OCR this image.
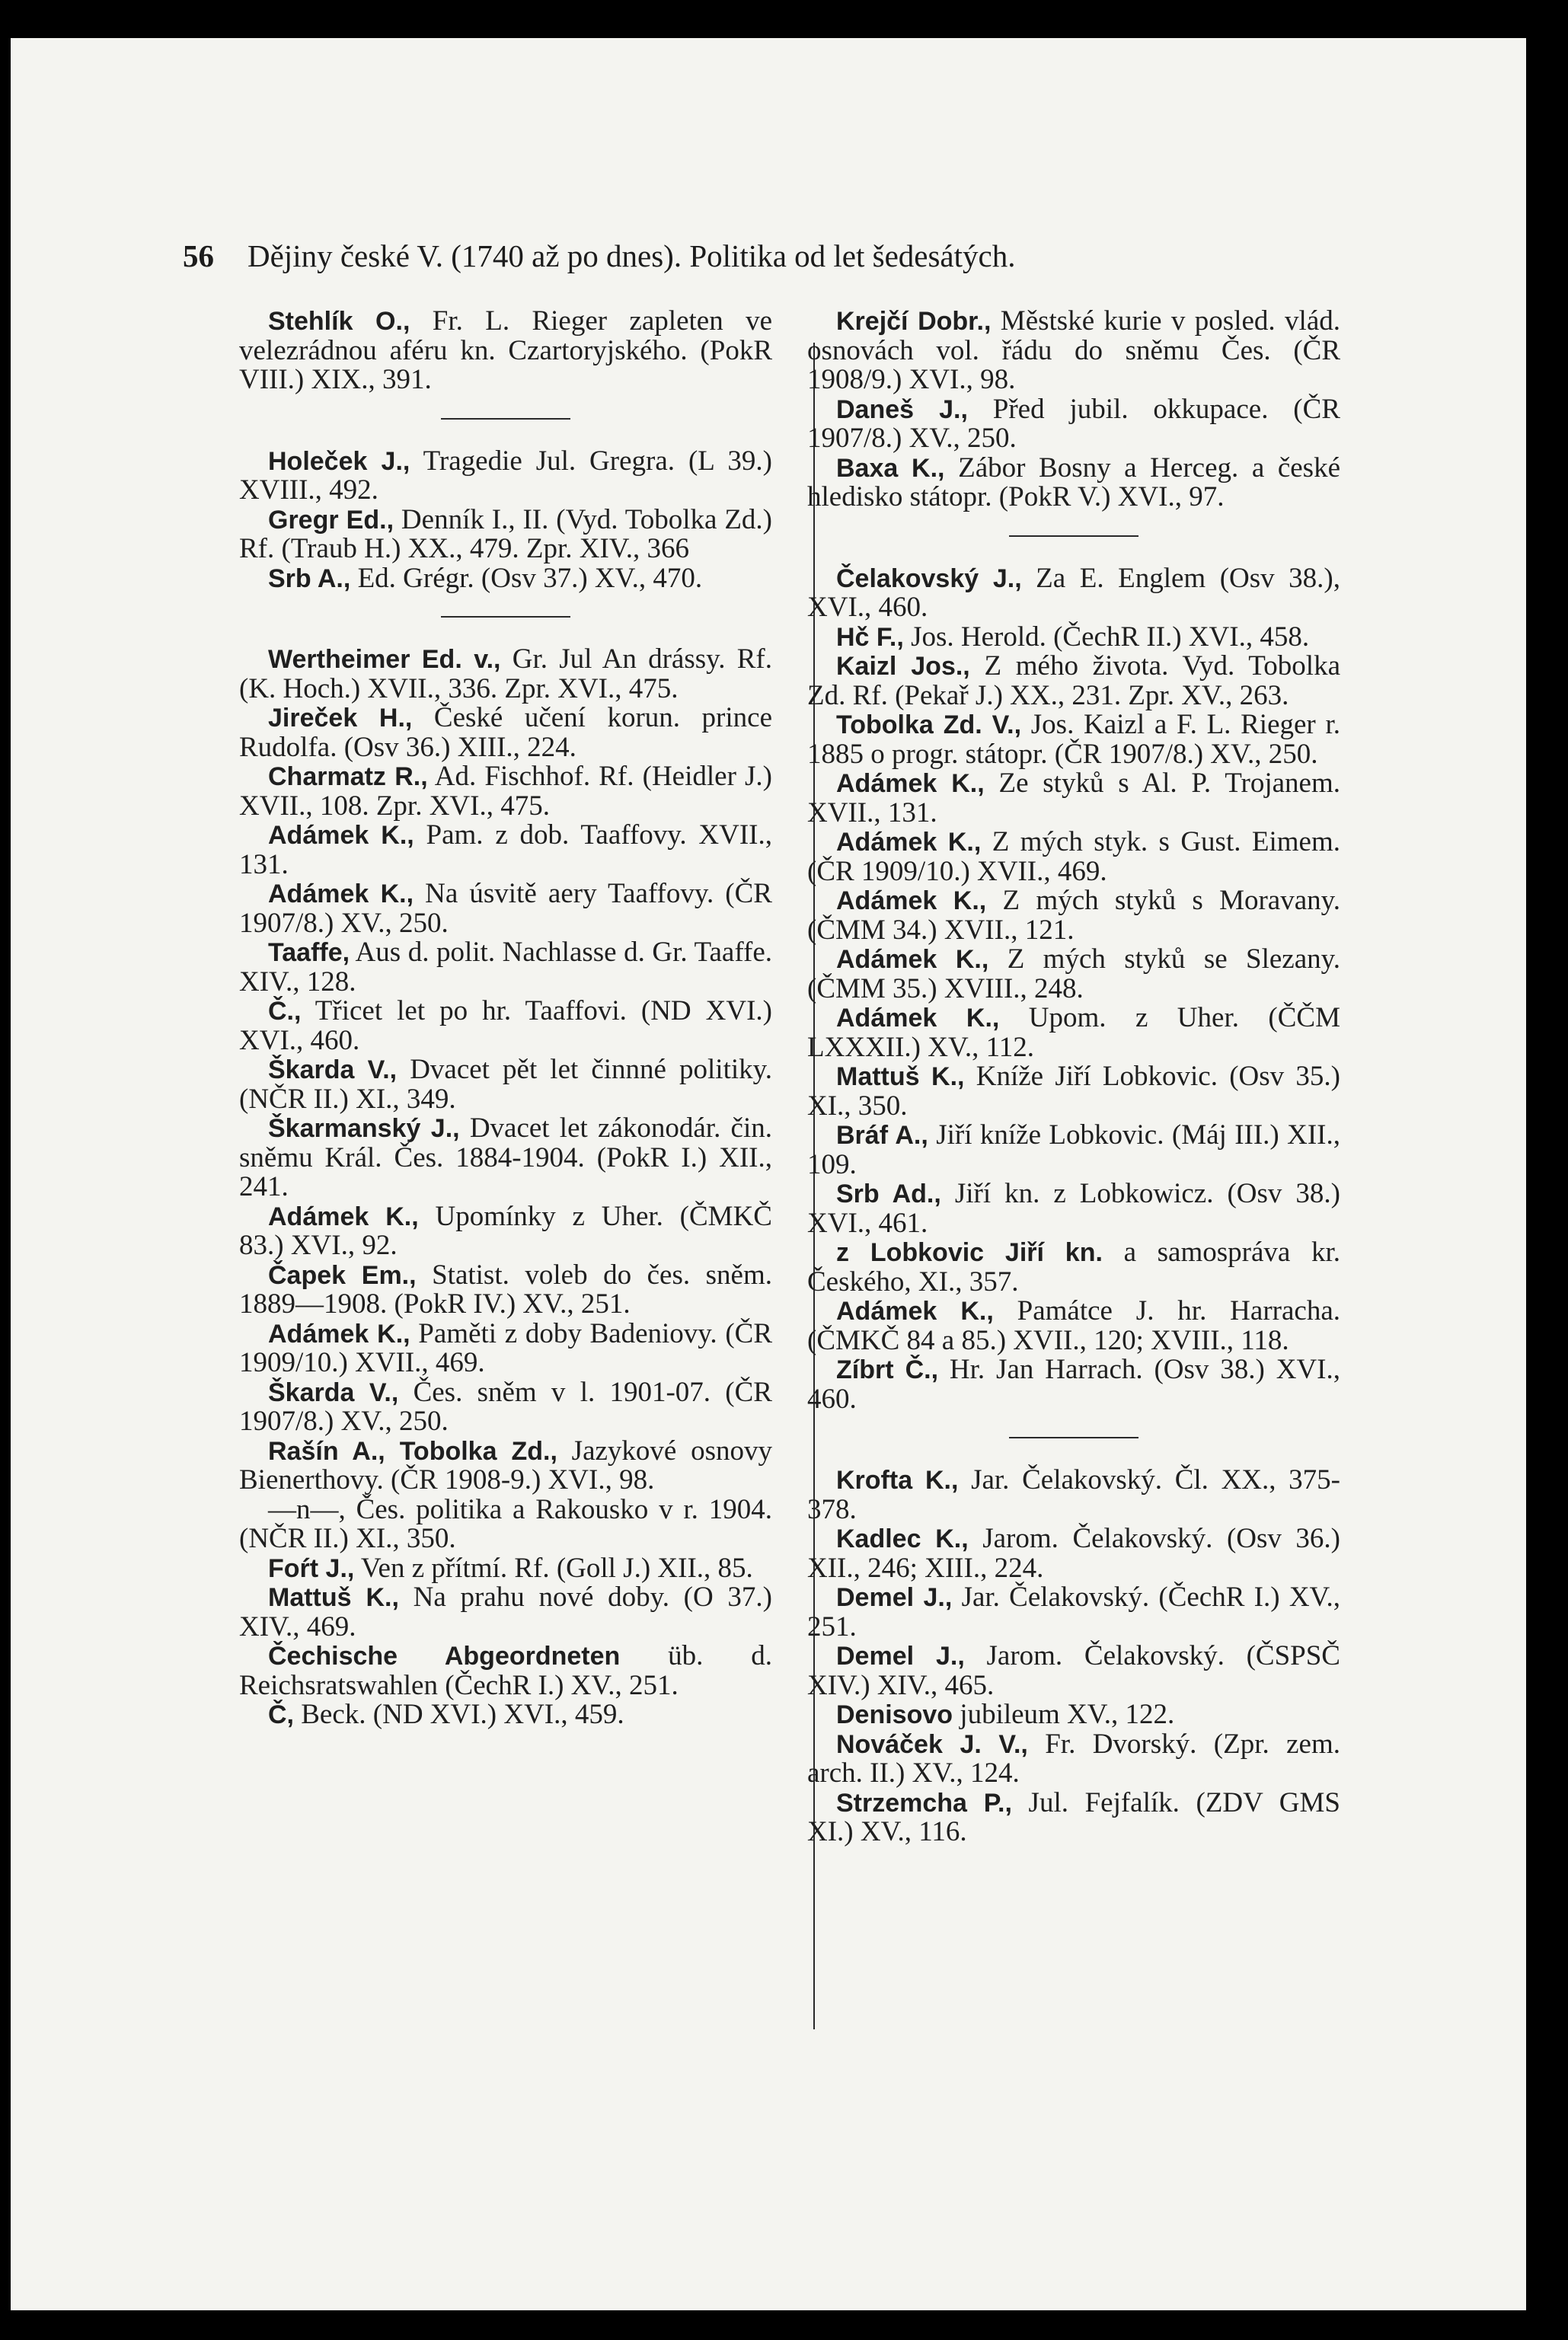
56 Dějiny české V. (1740 až po dnes). Politika od let šedesátých.

Stehlík O., Fr. L. Rieger zapleten ve velezrádnou aféru kn. Czartoryjského. (PokR VIII.) XIX., 391.

Holeček J., Tragedie Jul. Gregra. (L 39.) XVIII., 492.

Gregr Ed., Denník I., II. (Vyd. Tobolka Zd.) Rf. (Traub H.) XX., 479. Zpr. XIV., 366

Srb A., Ed. Grégr. (Osv 37.) XV., 470.

Wertheimer Ed. v., Gr. Jul An drássy. Rf. (K. Hoch.) XVII., 336. Zpr. XVI., 475.

Jireček H., České učení korun. prince Rudolfa. (Osv 36.) XIII., 224.

Charmatz R., Ad. Fischhof. Rf. (Heidler J.) XVII., 108. Zpr. XVI., 475.

Adámek K., Pam. z dob. Taaffovy. XVII., 131.

Adámek K., Na úsvitě aery Taaffovy. (ČR 1907/8.) XV., 250.

Taaffe, Aus d. polit. Nachlasse d. Gr. Taaffe. XIV., 128.

Č., Třicet let po hr. Taaffovi. (ND XVI.) XVI., 460.

Škarda V., Dvacet pět let činnné politiky. (NČR II.) XI., 349.

Škarmanský J., Dvacet let zákonodár. čin. sněmu Král. Čes. 1884-1904. (PokR I.) XII., 241.

Adámek K., Upomínky z Uher. (ČMKČ 83.) XVI., 92.

Čapek Em., Statist. voleb do čes. sněm. 1889—1908. (PokR IV.) XV., 251.

Adámek K., Paměti z doby Badeniovy. (ČR 1909/10.) XVII., 469.

Škarda V., Čes. sněm v l. 1901-07. (ČR 1907/8.) XV., 250.

Rašín A., Tobolka Zd., Jazykové osnovy Bienerthovy. (ČR 1908-9.) XVI., 98.

—n—, Čes. politika a Rakousko v r. 1904. (NČR II.) XI., 350.

Foŕt J., Ven z přítmí. Rf. (Goll J.) XII., 85.

Mattuš K., Na prahu nové doby. (O 37.) XIV., 469.

Čechische Abgeordneten üb. d. Reichsratswahlen (ČechR I.) XV., 251.

Č, Beck. (ND XVI.) XVI., 459.

Krejčí Dobr., Městské kurie v posled. vlád. osnovách vol. řádu do sněmu Čes. (ČR 1908/9.) XVI., 98.

Daneš J., Před jubil. okkupace. (ČR 1907/8.) XV., 250.

Baxa K., Zábor Bosny a Herceg. a české hledisko státopr. (PokR V.) XVI., 97.

Čelakovský J., Za E. Englem (Osv 38.), XVI., 460.

Hč F., Jos. Herold. (ČechR II.) XVI., 458.

Kaizl Jos., Z mého života. Vyd. Tobolka Zd. Rf. (Pekař J.) XX., 231. Zpr. XV., 263.

Tobolka Zd. V., Jos. Kaizl a F. L. Rieger r. 1885 o progr. státopr. (ČR 1907/8.) XV., 250.

Adámek K., Ze styků s Al. P. Trojanem. XVII., 131.

Adámek K., Z mých styk. s Gust. Eimem. (ČR 1909/10.) XVII., 469.

Adámek K., Z mých styků s Moravany. (ČMM 34.) XVII., 121.

Adámek K., Z mých styků se Slezany. (ČMM 35.) XVIII., 248.

Adámek K., Upom. z Uher. (ČČM LXXXII.) XV., 112.

Mattuš K., Kníže Jiří Lobkovic. (Osv 35.) XI., 350.

Bráf A., Jiří kníže Lobkovic. (Máj III.) XII., 109.

Srb Ad., Jiří kn. z Lobkowicz. (Osv 38.) XVI., 461.

z Lobkovic Jiří kn. a samospráva kr. Českého, XI., 357.

Adámek K., Památce J. hr. Harracha. (ČMKČ 84 a 85.) XVII., 120; XVIII., 118.

Zíbrt Č., Hr. Jan Harrach. (Osv 38.) XVI., 460.

Krofta K., Jar. Čelakovský. Čl. XX., 375-378.

Kadlec K., Jarom. Čelakovský. (Osv 36.) XII., 246; XIII., 224.

Demel J., Jar. Čelakovský. (ČechR I.) XV., 251.

Demel J., Jarom. Čelakovský. (ČSPSČ XIV.) XIV., 465.

Denisovo jubileum XV., 122.

Nováček J. V., Fr. Dvorský. (Zpr. zem. arch. II.) XV., 124.

Strzemcha P., Jul. Fejfalík. (ZDV GMS XI.) XV., 116.
